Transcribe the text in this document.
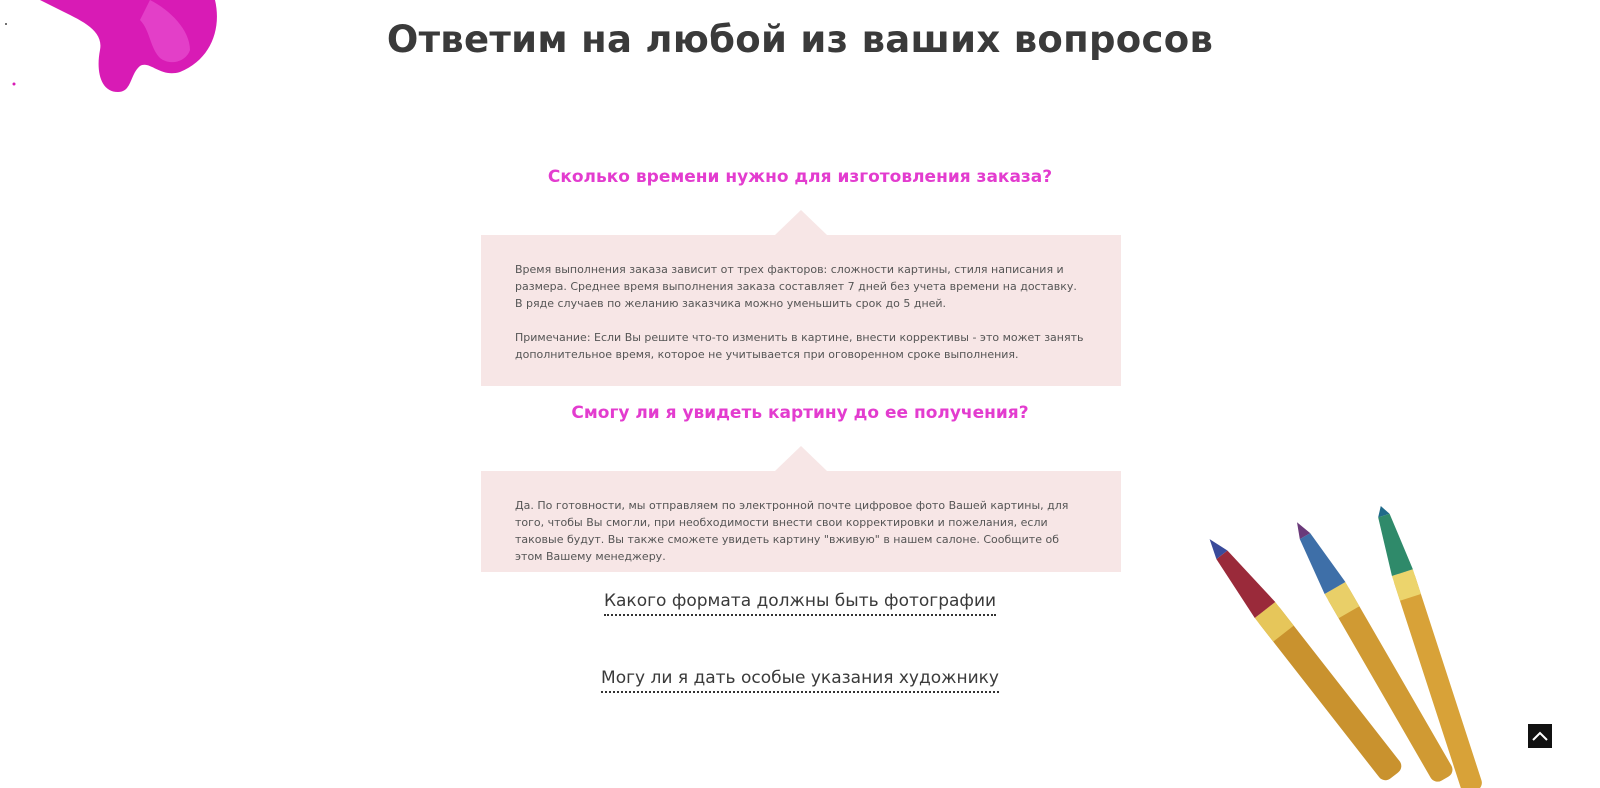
Ответим на любой из ваших вопросов
Сколько времени нужно для изготовления заказа?

Время выполнения заказа зависит от трех факторов: сложности картины, стиля написания и размера. Среднее время выполнения заказа составляет 7 дней без учета времени на доставку. В ряде случаев по желанию заказчика можно уменьшить срок до 5 дней.

Примечание: Если Вы решите что-то изменить в картине, внести коррективы - это может занять дополнительное время, которое не учитывается при оговоренном сроке выполнения.

Смогу ли я увидеть картину до ее получения?

Да. По готовности, мы отправляем по электронной почте цифровое фото Вашей картины, для того, чтобы Вы смогли, при необходимости внести свои корректировки и пожелания, если таковые будут. Вы также сможете увидеть картину "вживую" в нашем салоне. Сообщите об этом Вашему менеджеру.

Какого формата должны быть фотографии
Могу ли я дать особые указания художнику
